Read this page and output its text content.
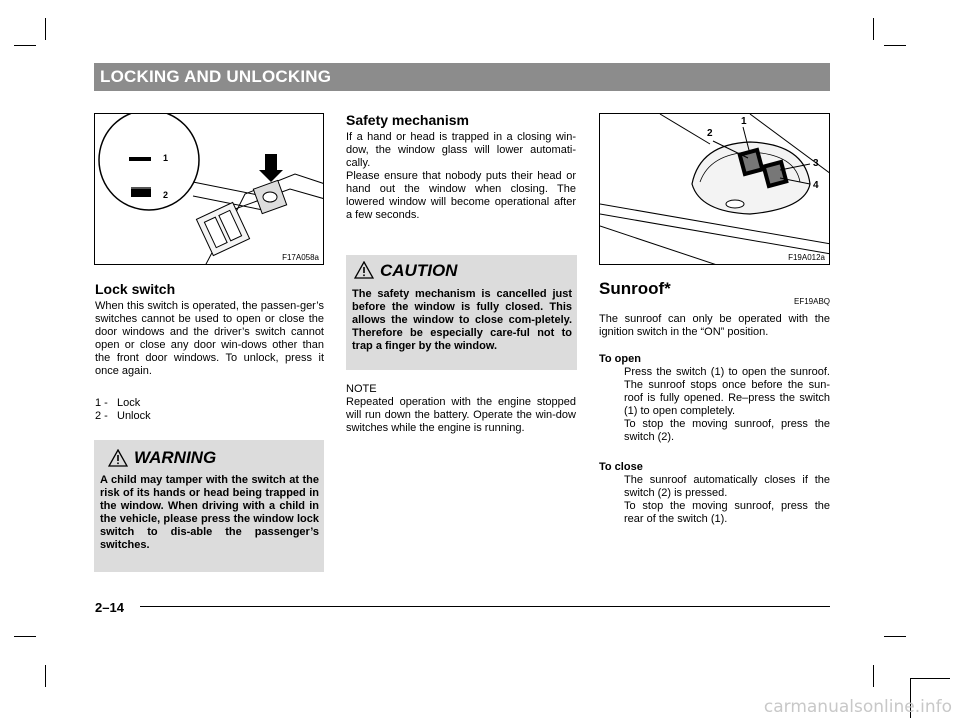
LOCKING AND UNLOCKING
1
2
F17A058a
Lock switch
When this switch is operated, the passen-ger’s switches cannot be used to open or close the door windows and the driver’s switch cannot open or close any door win-dows other than the front door windows. To unlock, press it once again.
1 - Lock
2 - Unlock
WARNING
A child may tamper with the switch at the risk of its hands or head being trapped in the window. When driving with a child in the vehicle, please press the window lock switch to dis-able the passenger’s switches.
Safety mechanism

If a hand or head is trapped in a closing win-dow, the window glass will lower automati-cally.

Please ensure that nobody puts their head or hand out the window when closing. The lowered window will become operational after a few seconds.

CAUTION
The safety mechanism is cancelled just before the window is fully closed. This allows the window to close com-pletely. Therefore be especially care-ful not to trap a finger by the window.
NOTE
Repeated operation with the engine stopped will run down the battery. Operate the win-dow switches while the engine is running.
1
2
3
4
F19A012a
Sunroof*
EF19ABQ
The sunroof can only be operated with the ignition switch in the “ON” position.
To open

Press the switch (1) to open the sunroof. The sunroof stops once before the sun-roof is fully opened. Re–press the switch (1) to open completely.

To stop the moving sunroof, press the switch (2).

To close

The sunroof automatically closes if the switch (2) is pressed.

To stop the moving sunroof, press the rear of the switch (1).

2–14
carmanualsonline.info
